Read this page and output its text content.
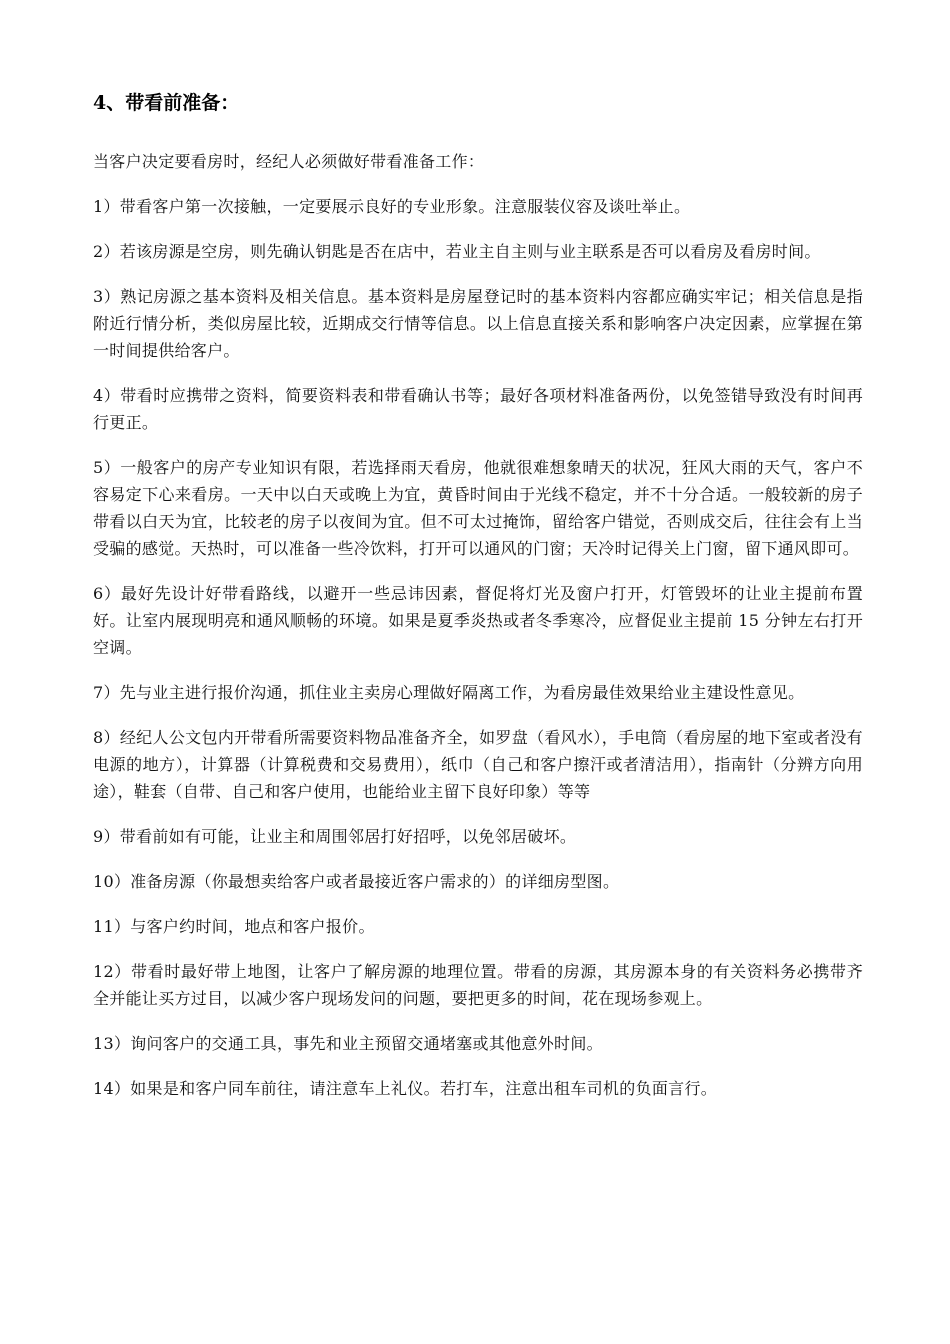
4、带看前准备：

当客户决定要看房时，经纪人必须做好带看准备工作：

1）带看客户第一次接触，一定要展示良好的专业形象。注意服装仪容及谈吐举止。

2）若该房源是空房，则先确认钥匙是否在店中，若业主自主则与业主联系是否可以看房及看房时间。

3）熟记房源之基本资料及相关信息。基本资料是房屋登记时的基本资料内容都应确实牢记；相关信息是指附近行情分析，类似房屋比较，近期成交行情等信息。以上信息直接关系和影响客户决定因素，应掌握在第一时间提供给客户。

4）带看时应携带之资料，简要资料表和带看确认书等；最好各项材料准备两份，以免签错导致没有时间再行更正。

5）一般客户的房产专业知识有限，若选择雨天看房，他就很难想象晴天的状况，狂风大雨的天气，客户不容易定下心来看房。一天中以白天或晚上为宜，黄昏时间由于光线不稳定，并不十分合适。一般较新的房子带看以白天为宜，比较老的房子以夜间为宜。但不可太过掩饰，留给客户错觉，否则成交后，往往会有上当受骗的感觉。天热时，可以准备一些冷饮料，打开可以通风的门窗；天冷时记得关上门窗，留下通风即可。

6）最好先设计好带看路线，以避开一些忌讳因素，督促将灯光及窗户打开，灯管毁坏的让业主提前布置好。让室内展现明亮和通风顺畅的环境。如果是夏季炎热或者冬季寒冷，应督促业主提前 15 分钟左右打开空调。

7）先与业主进行报价沟通，抓住业主卖房心理做好隔离工作，为看房最佳效果给业主建设性意见。

8）经纪人公文包内开带看所需要资料物品准备齐全，如罗盘（看风水），手电筒（看房屋的地下室或者没有电源的地方），计算器（计算税费和交易费用），纸巾（自己和客户擦汗或者清洁用），指南针（分辨方向用途），鞋套（自带、自己和客户使用，也能给业主留下良好印象）等等

9）带看前如有可能，让业主和周围邻居打好招呼，以免邻居破坏。

10）准备房源（你最想卖给客户或者最接近客户需求的）的详细房型图。

11）与客户约时间，地点和客户报价。

12）带看时最好带上地图，让客户了解房源的地理位置。带看的房源，其房源本身的有关资料务必携带齐全并能让买方过目，以减少客户现场发问的问题，要把更多的时间，花在现场参观上。

13）询问客户的交通工具，事先和业主预留交通堵塞或其他意外时间。

14）如果是和客户同车前往，请注意车上礼仪。若打车，注意出租车司机的负面言行。
